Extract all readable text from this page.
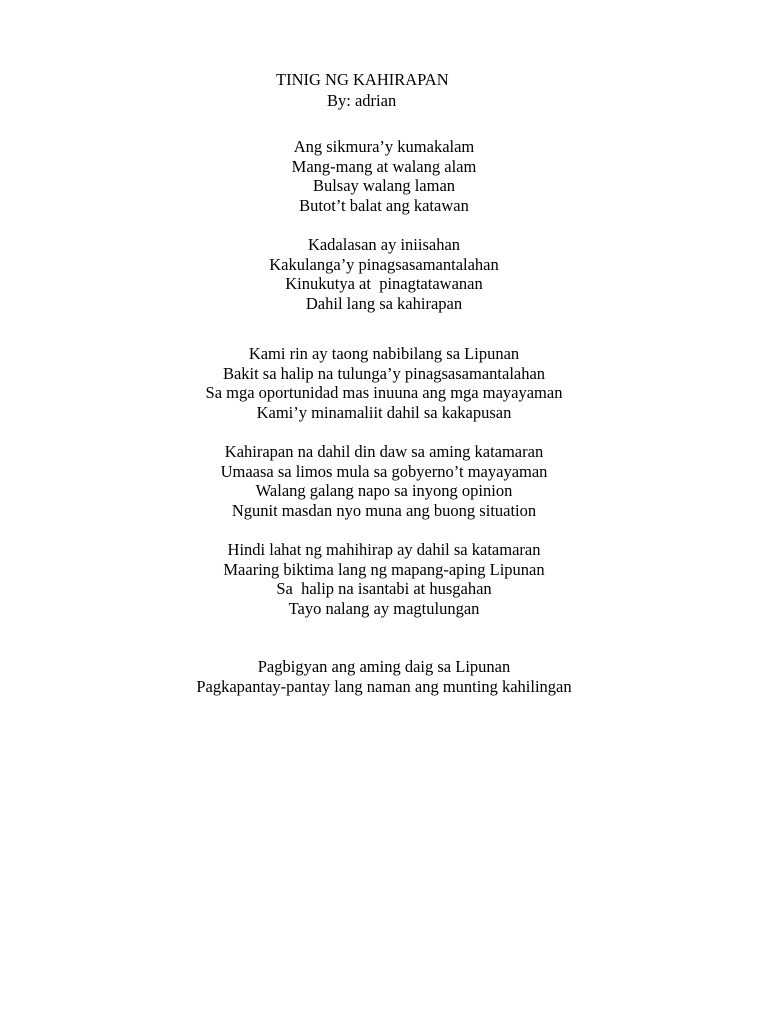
TINIG NG KAHIRAPAN
By: adrian
Ang sikmura’y kumakalam
Mang-mang at walang alam
Bulsay walang laman
Butot’t balat ang katawan
Kadalasan ay iniisahan
Kakulanga’y pinagsasamantalahan
Kinukutya at  pinagtatawanan
Dahil lang sa kahirapan
Kami rin ay taong nabibilang sa Lipunan
Bakit sa halip na tulunga’y pinagsasamantalahan
Sa mga oportunidad mas inuuna ang mga mayayaman
Kami’y minamaliit dahil sa kakapusan
Kahirapan na dahil din daw sa aming katamaran
Umaasa sa limos mula sa gobyerno’t mayayaman
Walang galang napo sa inyong opinion
Ngunit masdan nyo muna ang buong situation
Hindi lahat ng mahihirap ay dahil sa katamaran
Maaring biktima lang ng mapang-aping Lipunan
Sa  halip na isantabi at husgahan
Tayo nalang ay magtulungan
Pagbigyan ang aming daig sa Lipunan
Pagkapantay-pantay lang naman ang munting kahilingan
